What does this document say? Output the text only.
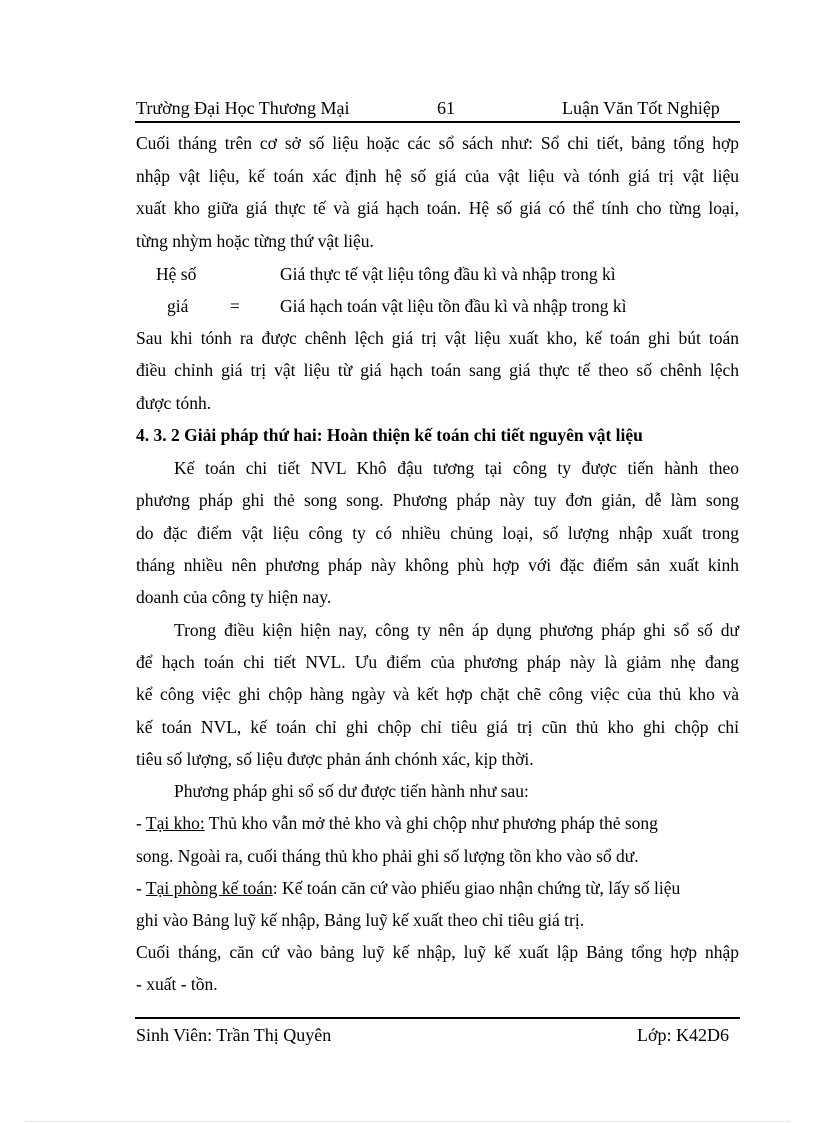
Trường Đại Học Thương Mại	61	Luận Văn Tốt Nghiệp
Cuối tháng trên cơ sở số liệu hoặc các sổ sách như: Sổ chi tiết, bảng tổng hợp
nhập vật liệu, kế toán xác định hệ số giá của vật liệu và tónh giá trị vật liệu
xuất kho giữa giá thực tế và giá hạch toán. Hệ số giá có thể tính cho từng loại,
từng nhỳm hoặc từng thứ vật liệu.
Hệ số	Giá thực tế vật liệu tông đầu kì và nhập trong kì
giá	=	Giá hạch toán vật liệu tồn đầu kì và nhập trong kì
Sau khi tónh ra được chênh lệch giá trị vật liệu xuất kho, kế toán ghi bút toán
điều chỉnh giá trị vật liệu từ giá hạch toán sang giá thực tế theo số chênh lệch
được tónh.
4. 3. 2 Giải pháp thứ hai: Hoàn thiện kế toán chi tiết nguyên vật liệu
Kế toán chi tiết NVL Khô đậu tương tại công ty được tiến hành theo
phương pháp ghi thẻ song song. Phương pháp này tuy đơn giản, dễ làm song
do đặc điểm vật liệu công ty có nhiều chủng loại, số lượng nhập xuất trong
tháng nhiều nên phương pháp này không phù hợp với đặc điểm sản xuất kinh
doanh của công ty hiện nay.
Trong điều kiện hiện nay, công ty nên áp dụng phương pháp ghi sổ số dư
để hạch toán chi tiết NVL. Ưu điểm của phương pháp này là giảm nhẹ đang
kể công việc ghi chộp hàng ngày và kết hợp chặt chẽ công việc của thủ kho và
kế toán NVL, kế toán chỉ ghi chộp chỉ tiêu giá trị cũn thủ kho ghi chộp chỉ
tiêu số lượng, số liệu được phản ánh chónh xác, kịp thời.
Phương pháp ghi sổ số dư được tiến hành như sau:
- Tại kho: Thủ kho vẫn mở thẻ kho và ghi chộp như phương pháp thẻ song
song. Ngoài ra, cuối tháng thủ kho phải ghi số lượng tồn kho vào sổ dư.
- Tại phòng kế toán: Kế toán căn cứ vào phiếu giao nhận chứng từ, lấy số liệu
ghi vào Bảng luỹ kế nhập, Bảng luỹ kế xuất theo chỉ tiêu giá trị.
Cuối tháng, căn cứ vào bảng luỹ kế nhập, luỹ kế xuất lập Bảng tổng hợp nhập
- xuất - tồn.
Sinh Viên: Trần Thị Quyên	Lớp: K42D6
